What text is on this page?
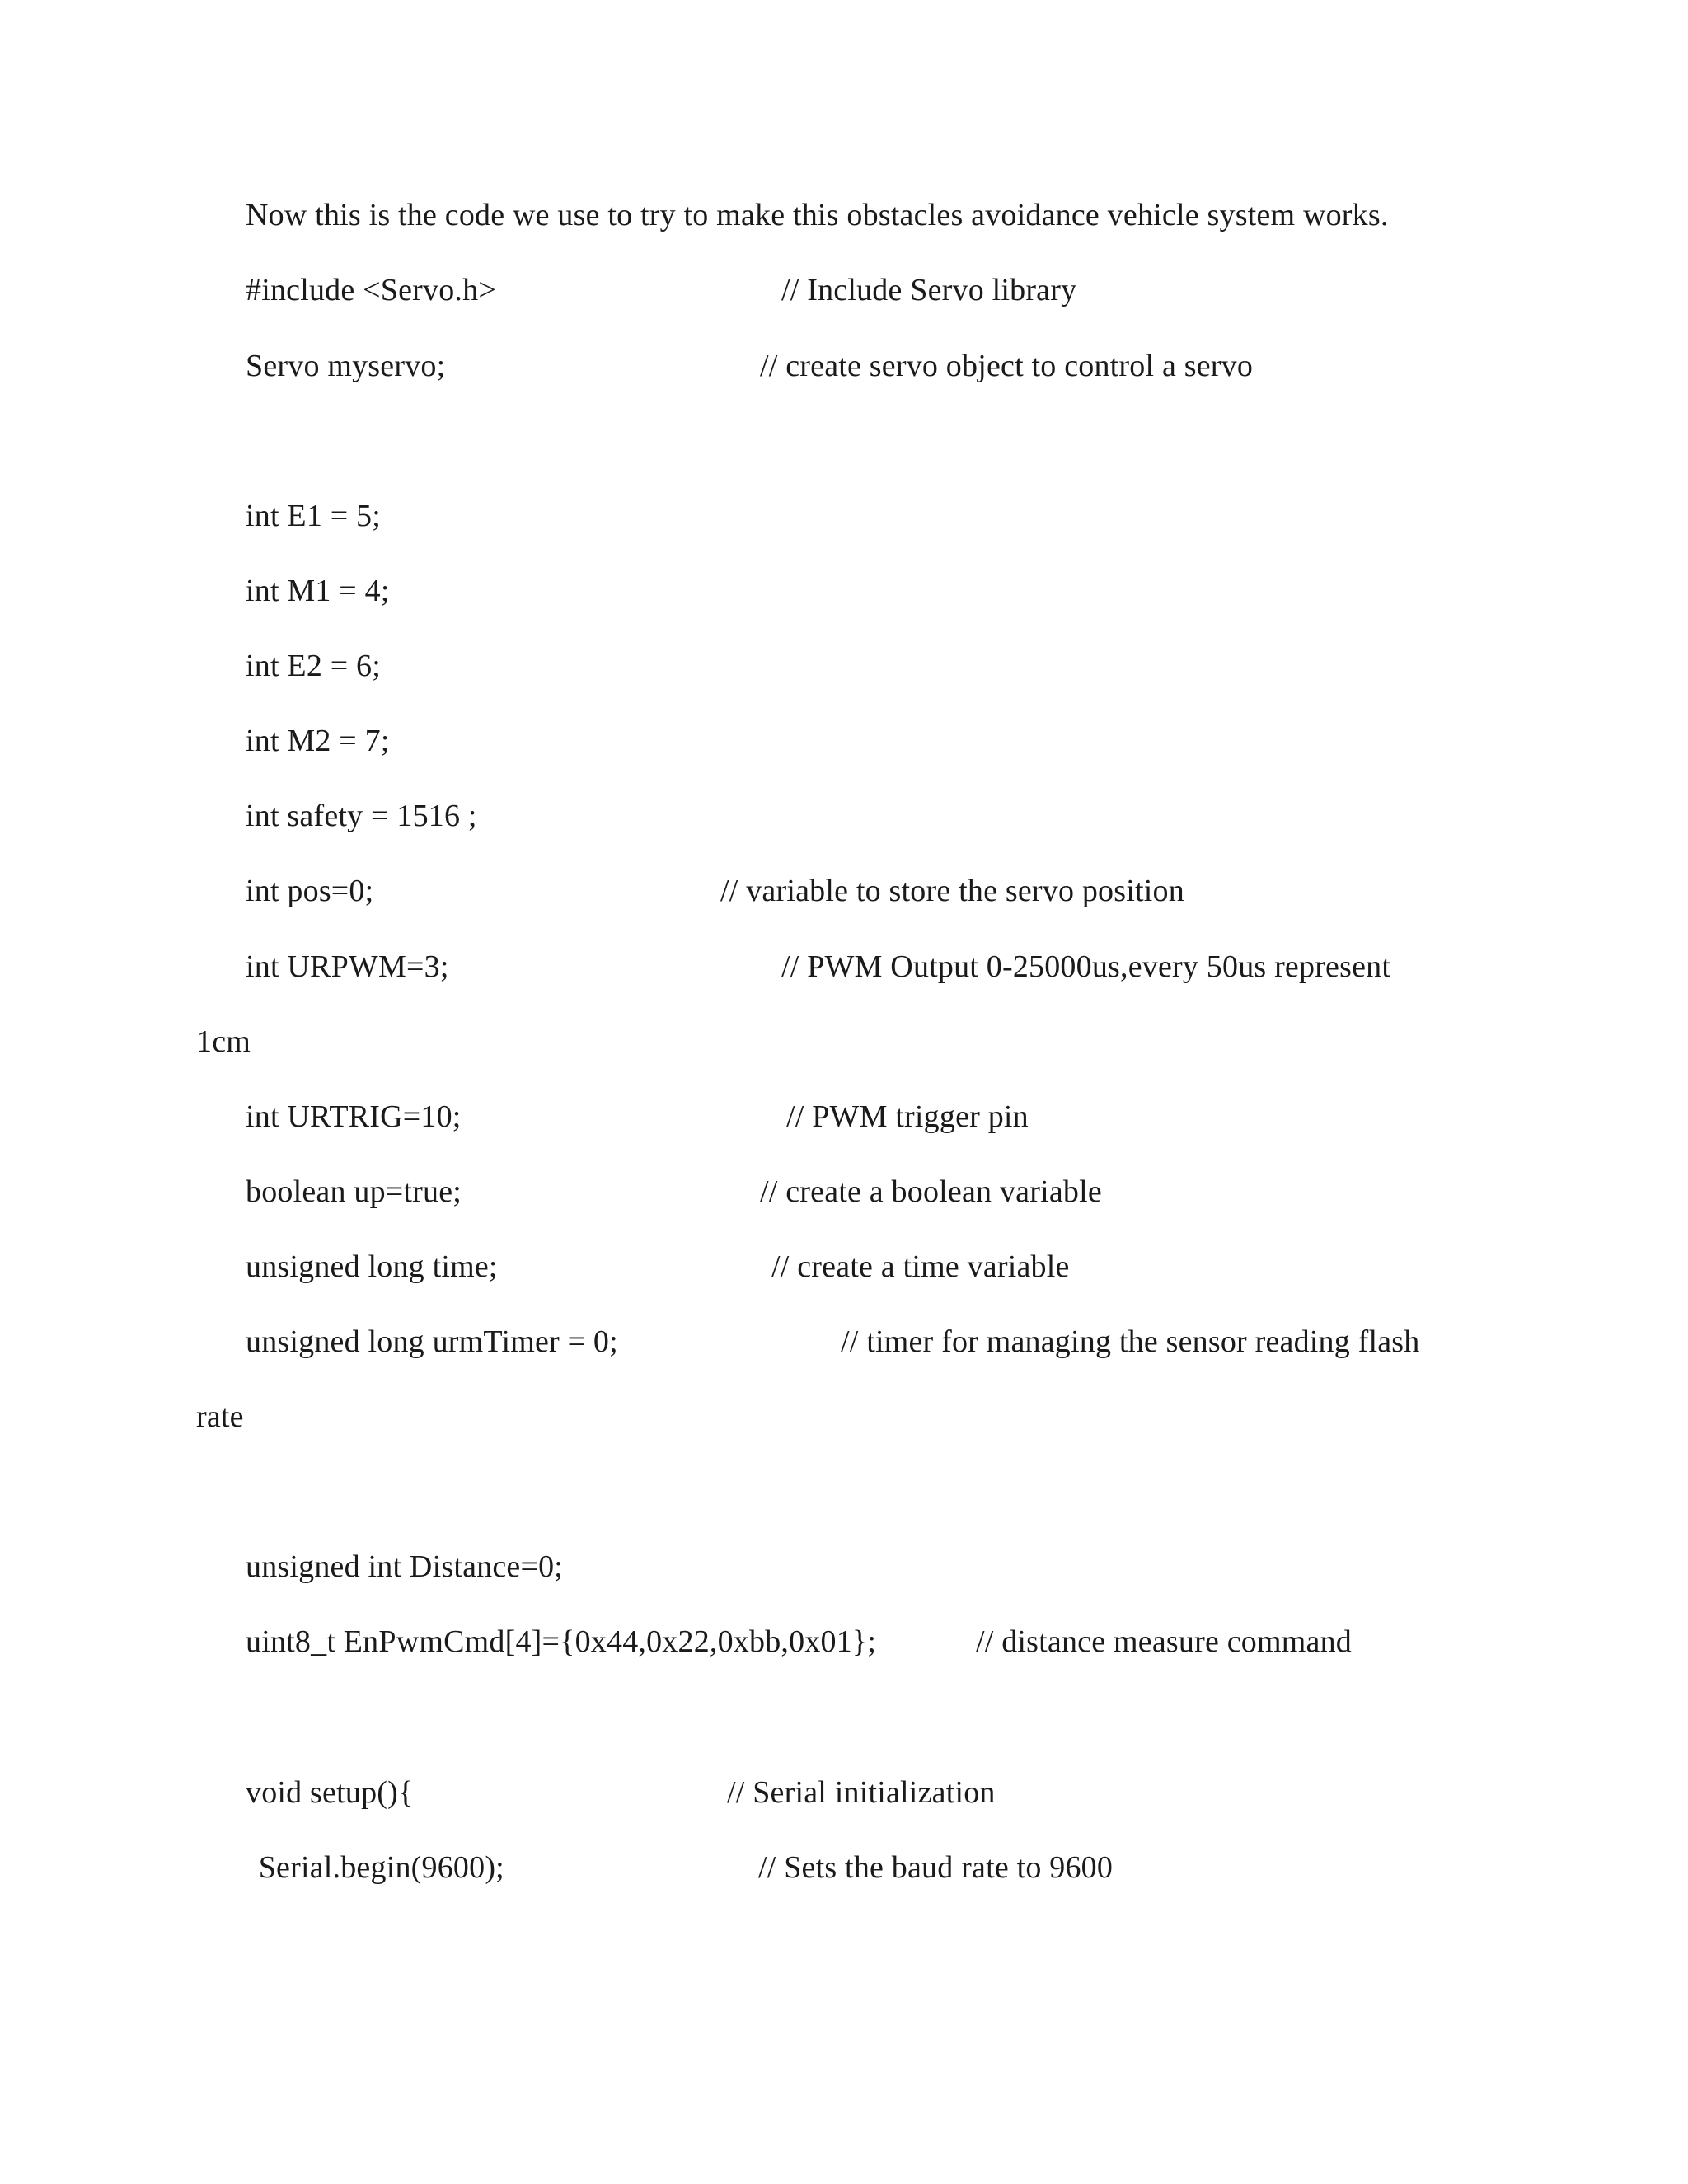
Now this is the code we use to try to make this obstacles avoidance vehicle system works.
#include <Servo.h>	// Include Servo library
Servo myservo;	// create servo object to control a servo
int E1 = 5;
int M1 = 4;
int E2 = 6;
int M2 = 7;
int safety = 1516 ;
int pos=0;	// variable to store the servo position
int URPWM=3;	// PWM Output 0-25000us,every 50us represent
1cm
int URTRIG=10;	// PWM trigger pin
boolean up=true;	// create a boolean variable
unsigned long time;	// create a time variable
unsigned long urmTimer = 0;	// timer for managing the sensor reading flash
rate
unsigned int Distance=0;
uint8_t EnPwmCmd[4]={0x44,0x22,0xbb,0x01};	// distance measure command
void setup(){	// Serial initialization
Serial.begin(9600);	// Sets the baud rate to 9600
